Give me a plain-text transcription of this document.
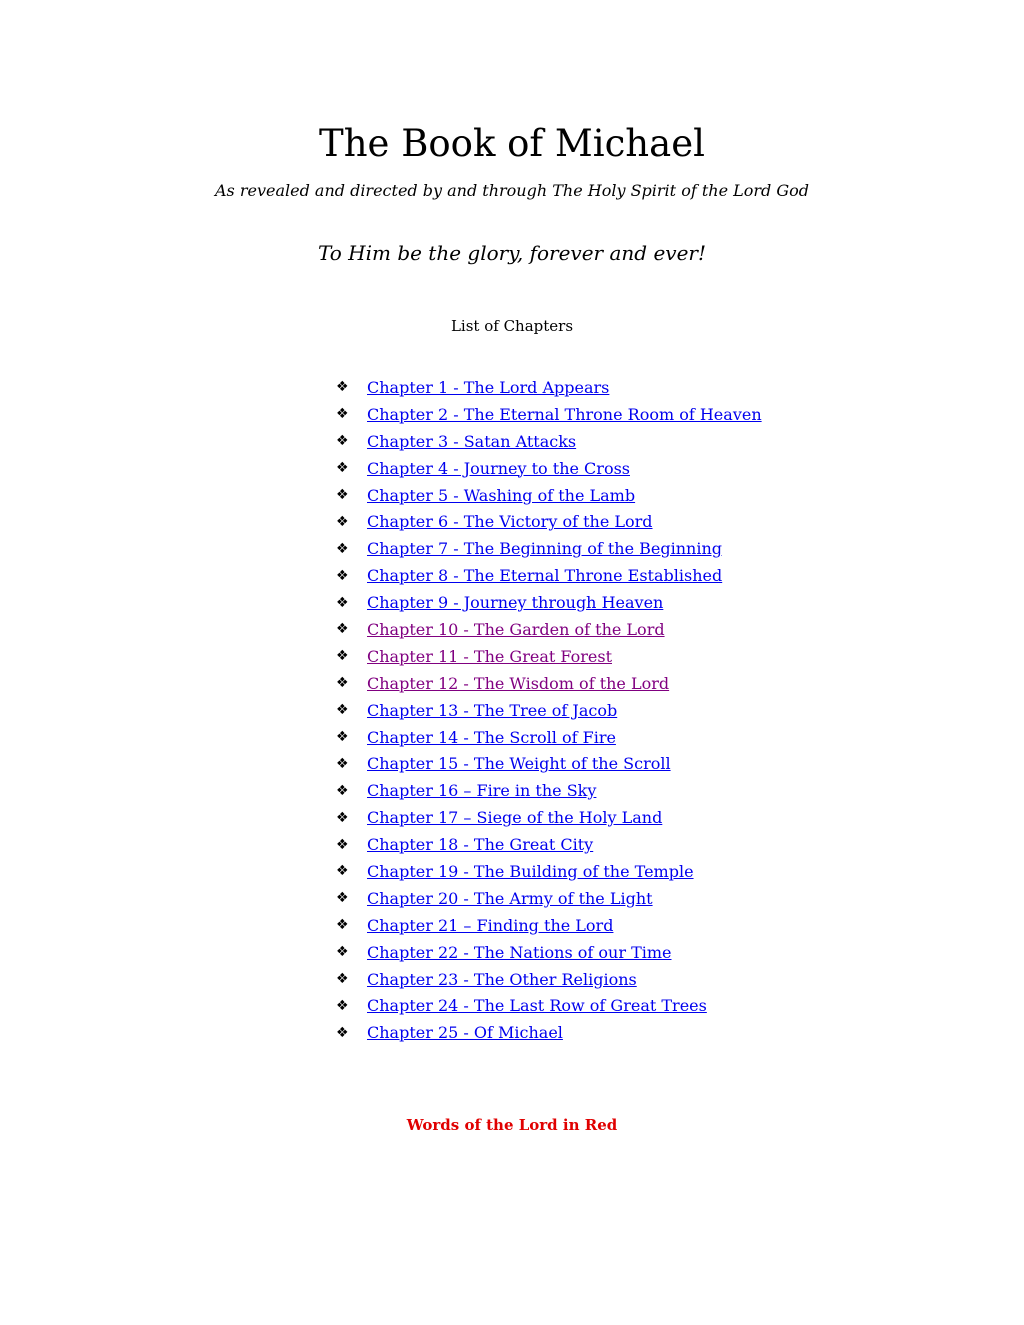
The Book of Michael
As revealed and directed by and through The Holy Spirit of the Lord God
To Him be the glory, forever and ever!
List of Chapters
❖	Chapter 1 - The Lord Appears
❖	Chapter 2 - The Eternal Throne Room of Heaven
❖	Chapter 3 - Satan Attacks
❖	Chapter 4 - Journey to the Cross
❖	Chapter 5 - Washing of the Lamb
❖	Chapter 6 - The Victory of the Lord
❖	Chapter 7 - The Beginning of the Beginning
❖	Chapter 8 - The Eternal Throne Established
❖	Chapter 9 - Journey through Heaven
❖	Chapter 10 - The Garden of the Lord
❖	Chapter 11 - The Great Forest
❖	Chapter 12 - The Wisdom of the Lord
❖	Chapter 13 - The Tree of Jacob
❖	Chapter 14 - The Scroll of Fire
❖	Chapter 15 - The Weight of the Scroll
❖	Chapter 16 – Fire in the Sky
❖	Chapter 17 – Siege of the Holy Land
❖	Chapter 18 - The Great City
❖	Chapter 19 - The Building of the Temple
❖	Chapter 20 - The Army of the Light
❖	Chapter 21 – Finding the Lord
❖	Chapter 22 - The Nations of our Time
❖	Chapter 23 - The Other Religions
❖	Chapter 24 - The Last Row of Great Trees
❖	Chapter 25 - Of Michael
Words of the Lord in Red
